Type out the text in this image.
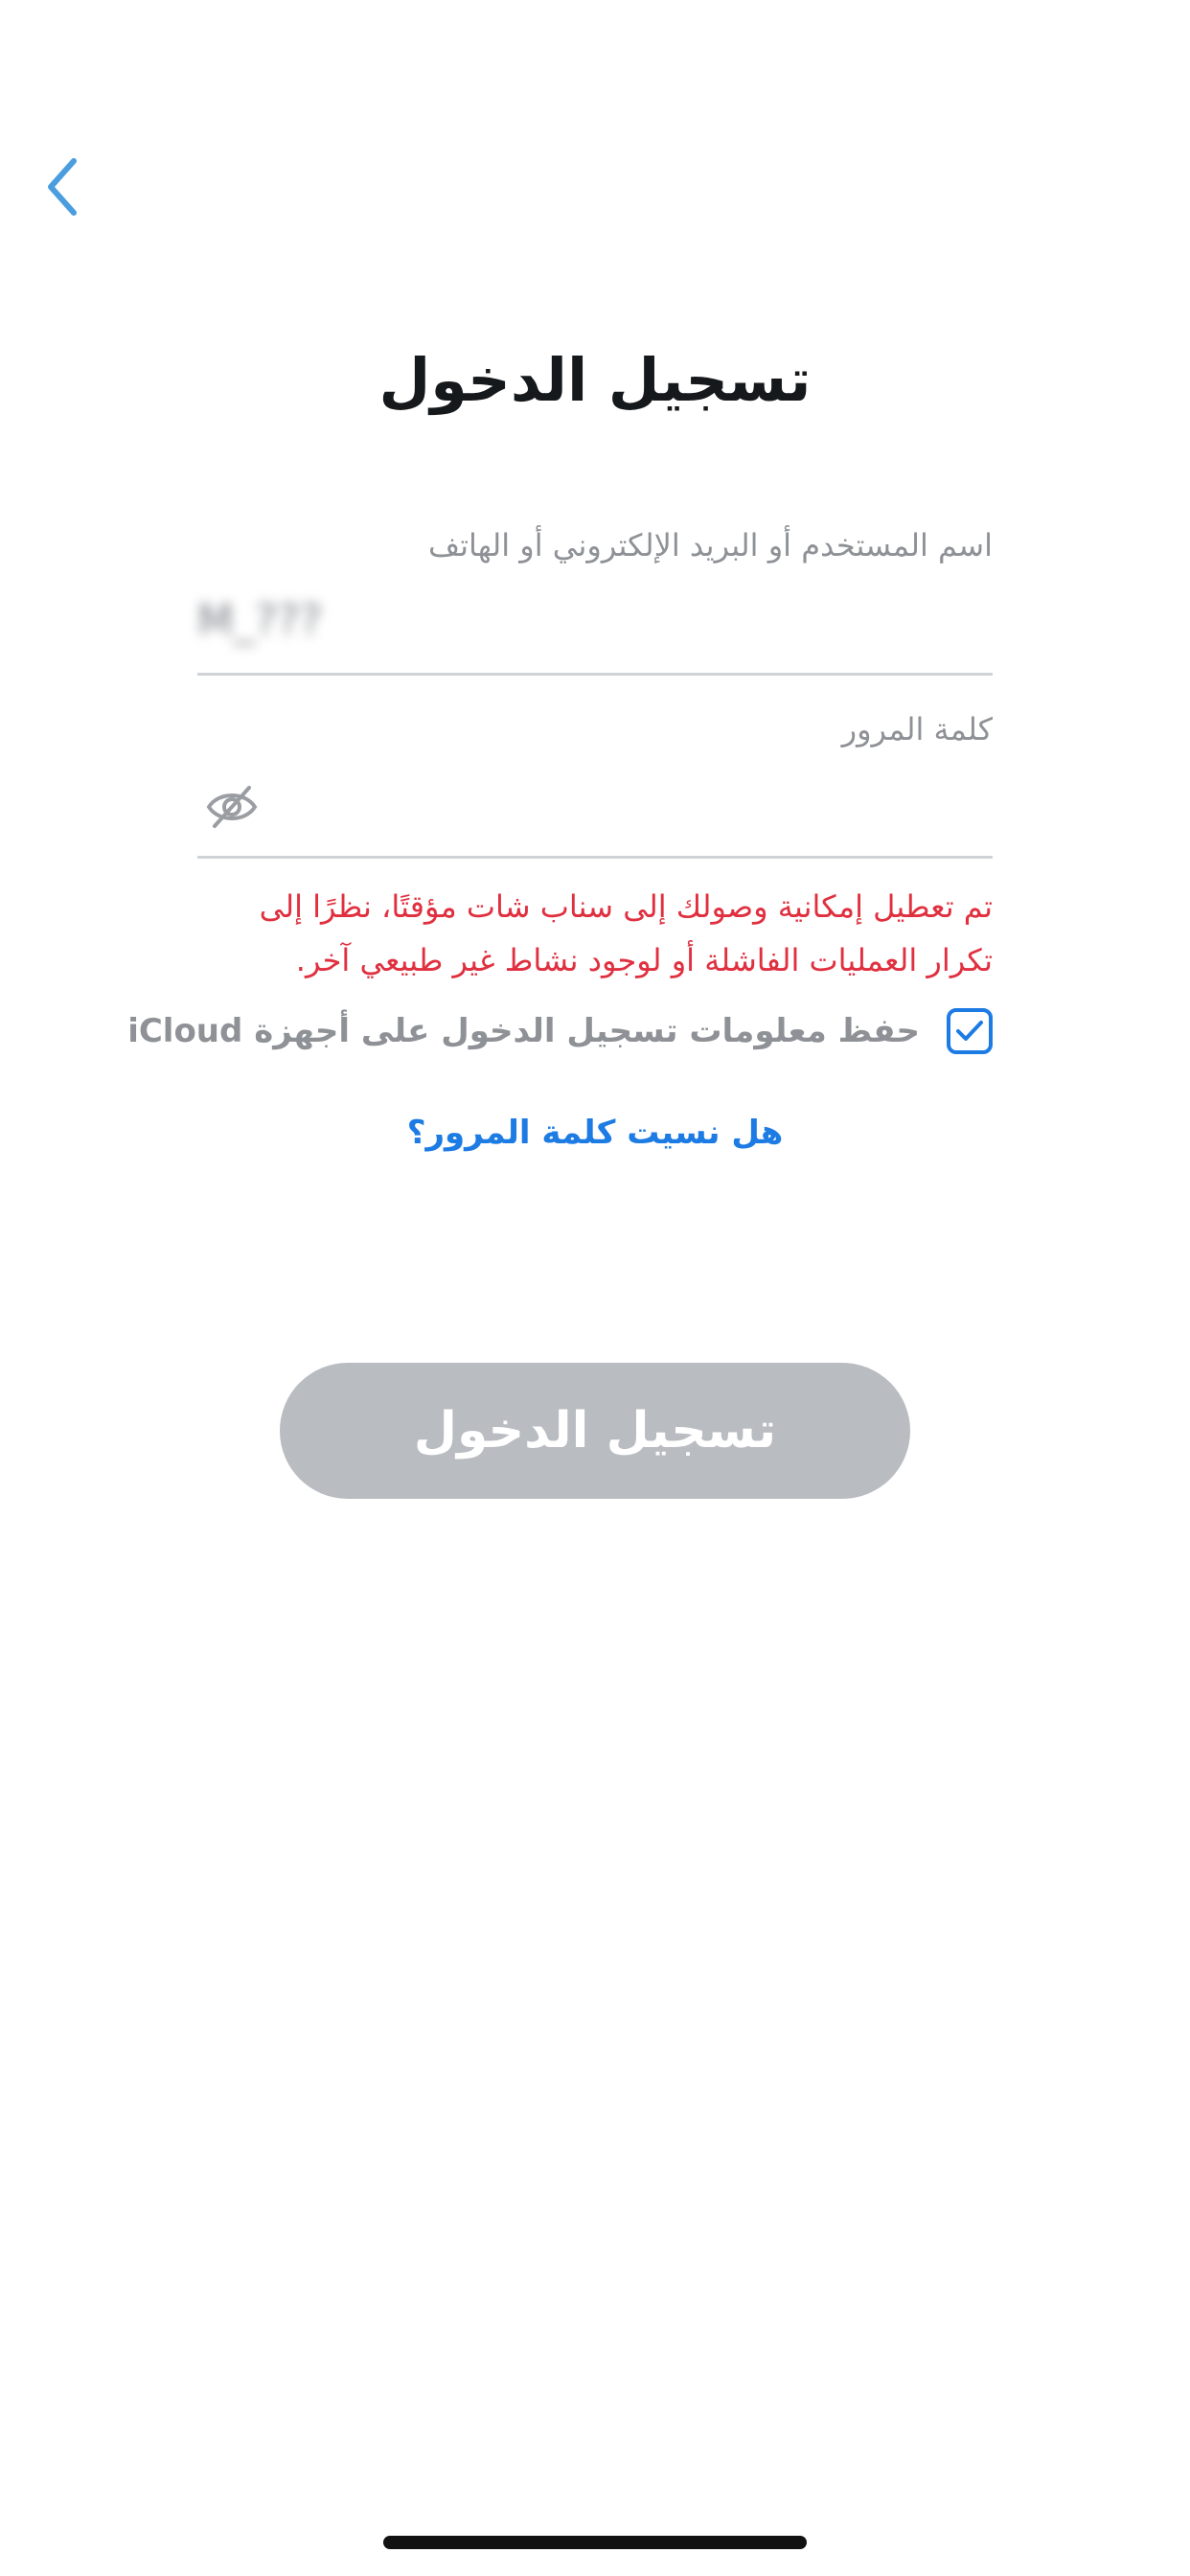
تسجيل الدخول
اسم المستخدم أو البريد الإلكتروني أو الهاتف
M_???
كلمة المرور
تم تعطيل إمكانية وصولك إلى سناب شات مؤقتًا، نظرًا إلى تكرار العمليات الفاشلة أو لوجود نشاط غير طبيعي آخر.
حفظ معلومات تسجيل الدخول على أجهزة iCloud
هل نسيت كلمة المرور؟
تسجيل الدخول
